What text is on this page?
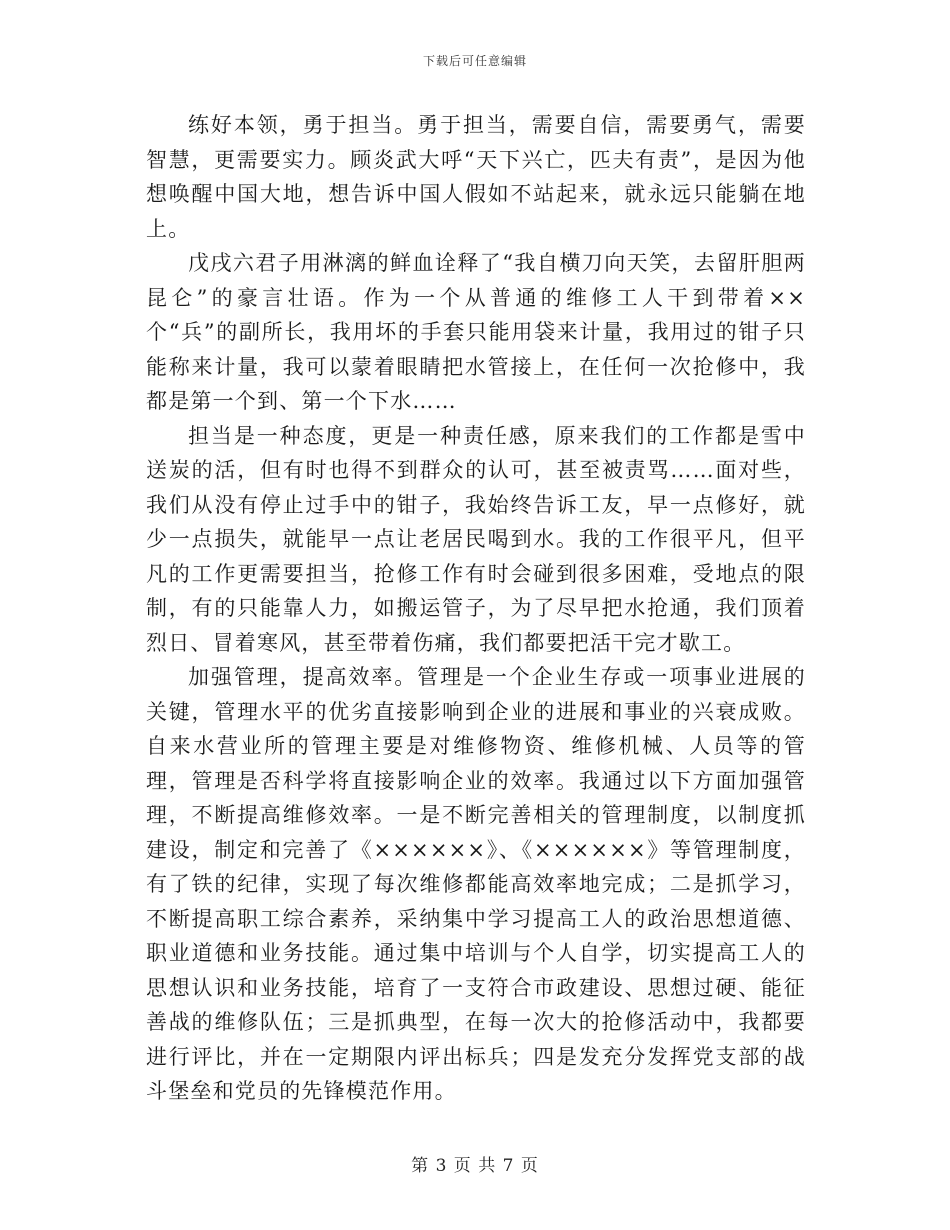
下载后可任意编辑

练好本领，勇于担当。勇于担当，需要自信，需要勇气，需要智慧，更需要实力。顾炎武大呼“天下兴亡，匹夫有责”，是因为他想唤醒中国大地，想告诉中国人假如不站起来，就永远只能躺在地上。

戊戌六君子用淋漓的鲜血诠释了“我自横刀向天笑，去留肝胆两昆仑”的豪言壮语。作为一个从普通的维修工人干到带着××个“兵”的副所长，我用坏的手套只能用袋来计量，我用过的钳子只能称来计量，我可以蒙着眼睛把水管接上，在任何一次抢修中，我都是第一个到、第一个下水……

担当是一种态度，更是一种责任感，原来我们的工作都是雪中送炭的活，但有时也得不到群众的认可，甚至被责骂……面对些，我们从没有停止过手中的钳子，我始终告诉工友，早一点修好，就少一点损失，就能早一点让老居民喝到水。我的工作很平凡，但平凡的工作更需要担当，抢修工作有时会碰到很多困难，受地点的限制，有的只能靠人力，如搬运管子，为了尽早把水抢通，我们顶着烈日、冒着寒风，甚至带着伤痛，我们都要把活干完才歇工。

加强管理，提高效率。管理是一个企业生存或一项事业进展的关键，管理水平的优劣直接影响到企业的进展和事业的兴衰成败。自来水营业所的管理主要是对维修物资、维修机械、人员等的管理，管理是否科学将直接影响企业的效率。我通过以下方面加强管理，不断提高维修效率。一是不断完善相关的管理制度，以制度抓建设，制定和完善了《××××××》、《××××××》等管理制度，有了铁的纪律，实现了每次维修都能高效率地完成；二是抓学习，不断提高职工综合素养，采纳集中学习提高工人的政治思想道德、职业道德和业务技能。通过集中培训与个人自学，切实提高工人的思想认识和业务技能，培育了一支符合市政建设、思想过硬、能征善战的维修队伍；三是抓典型，在每一次大的抢修活动中，我都要进行评比，并在一定期限内评出标兵；四是发充分发挥党支部的战斗堡垒和党员的先锋模范作用。

第 3 页 共 7 页
